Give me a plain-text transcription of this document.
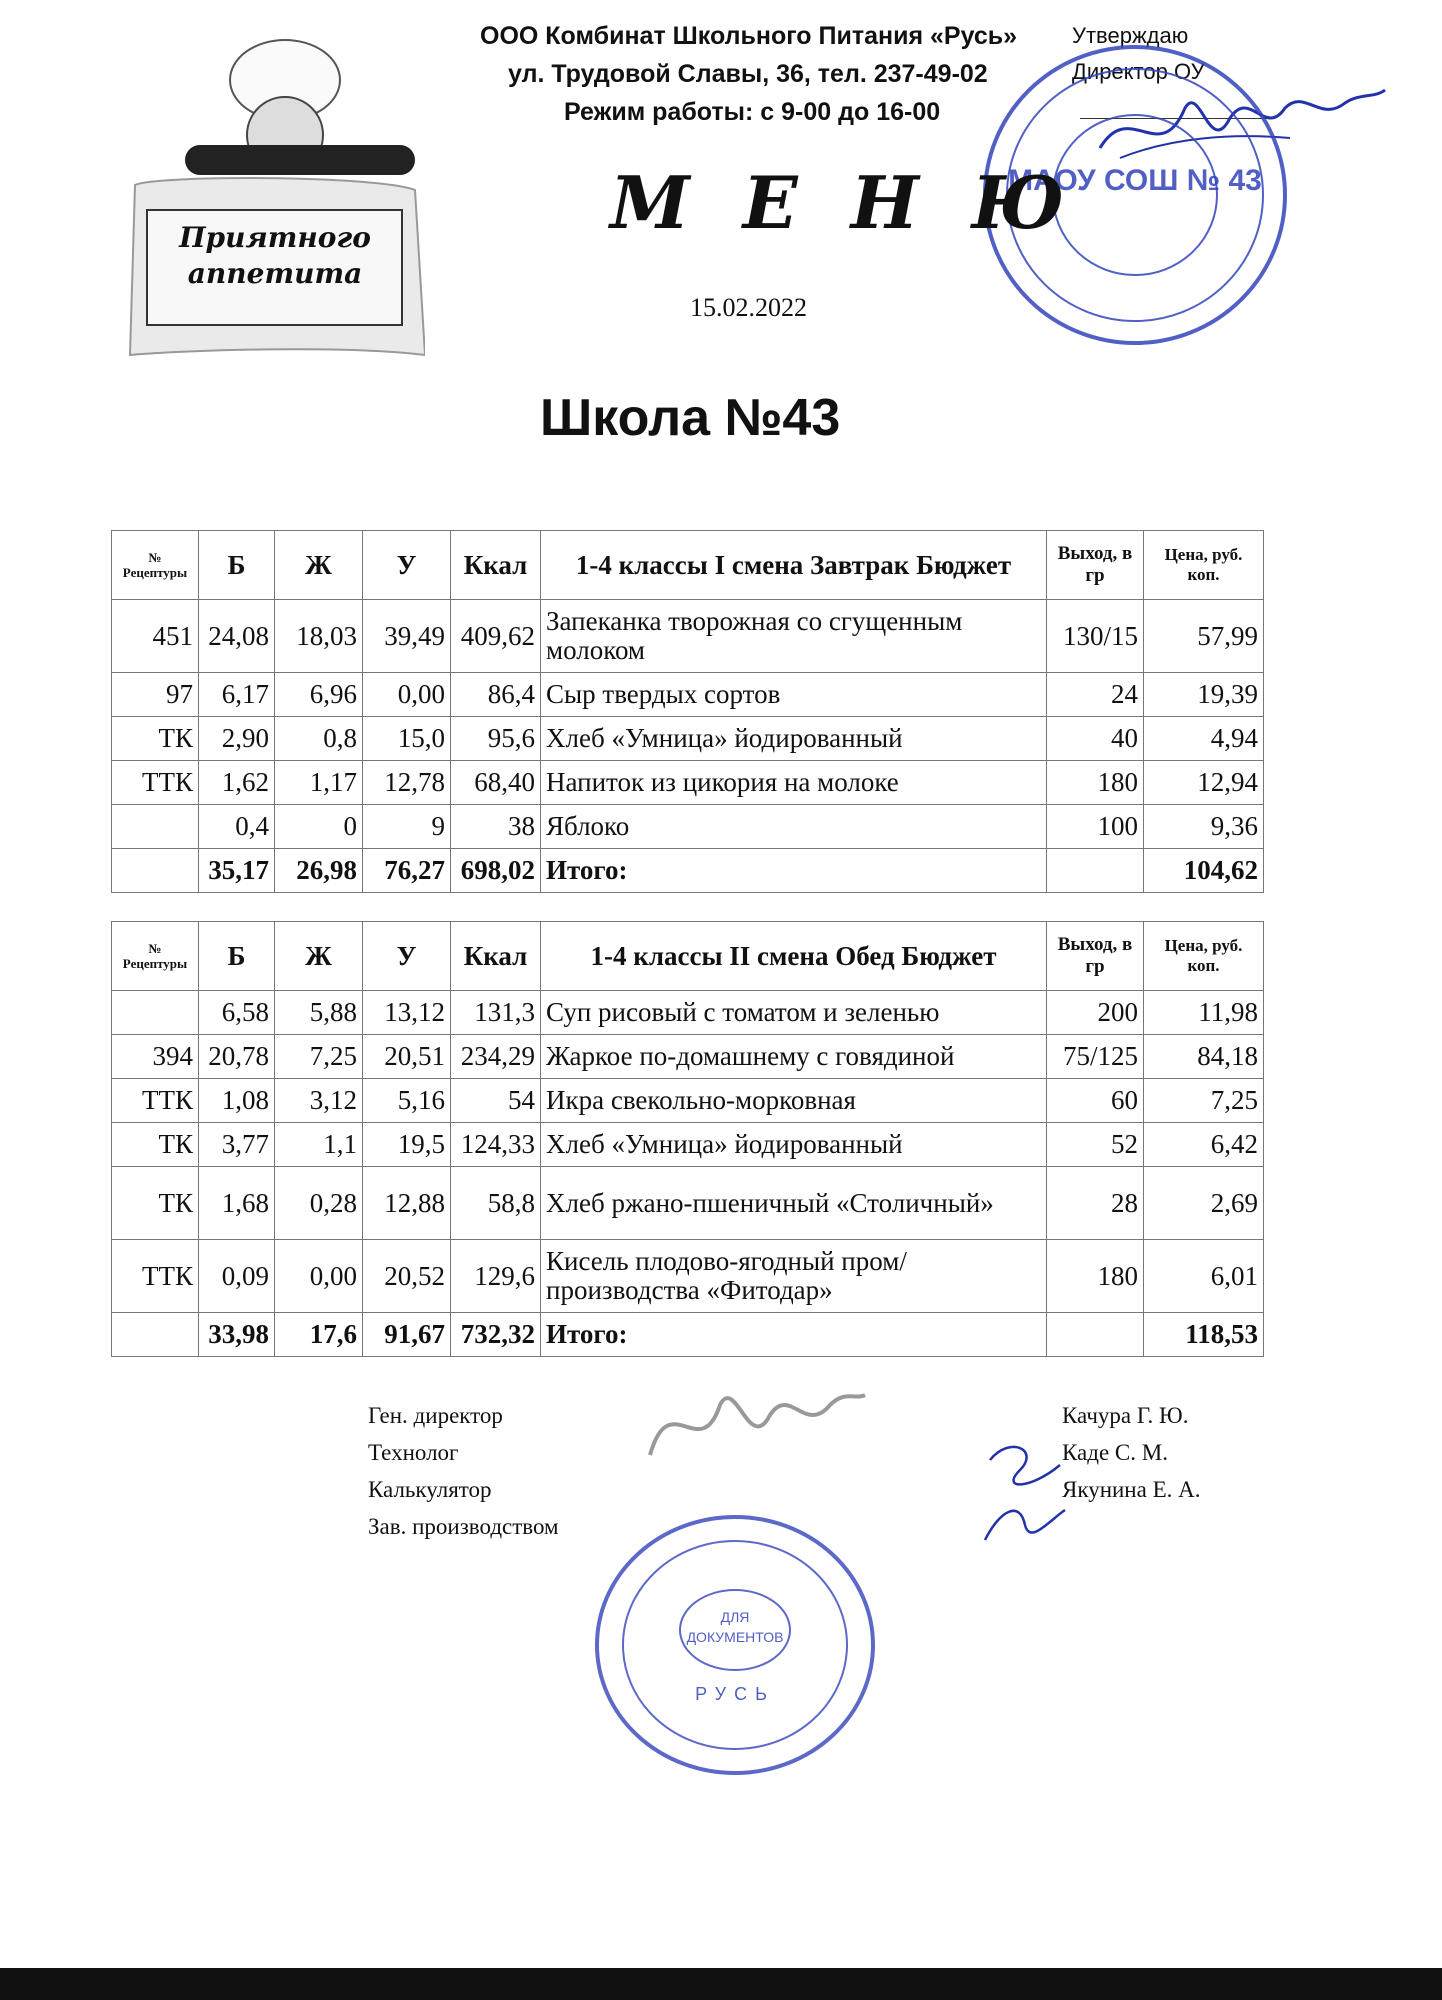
ООО Комбинат Школьного Питания «Русь»
ул. Трудовой Славы, 36, тел. 237-49-02
Режим работы: с 9-00 до 16-00
Утверждаю
Директор ОУ
МАОУ СОШ № 43
Приятного
аппетита
М Е Н Ю
15.02.2022
Школа №43
№ Рецептуры	Б	Ж	У	Ккал	1-4 классы I смена Завтрак Бюджет	Выход, в гр	Цена, руб. коп.
451	24,08	18,03	39,49	409,62	Запеканка творожная со сгущенным молоком	130/15	57,99
97	6,17	6,96	0,00	86,4	Сыр твердых сортов	24	19,39
ТК	2,90	0,8	15,0	95,6	Хлеб «Умница» йодированный	40	4,94
ТТК	1,62	1,17	12,78	68,40	Напиток из цикория на молоке	180	12,94
	0,4	0	9	38	Яблоко	100	9,36
	35,17	26,98	76,27	698,02	Итого:		104,62
№ Рецептуры	Б	Ж	У	Ккал	1-4 классы II смена Обед Бюджет	Выход, в гр	Цена, руб. коп.
	6,58	5,88	13,12	131,3	Суп рисовый с томатом и зеленью	200	11,98
394	20,78	7,25	20,51	234,29	Жаркое по-домашнему с говядиной	75/125	84,18
ТТК	1,08	3,12	5,16	54	Икра свекольно-морковная	60	7,25
ТК	3,77	1,1	19,5	124,33	Хлеб «Умница» йодированный	52	6,42
ТК	1,68	0,28	12,88	58,8	Хлеб ржано-пшеничный «Столичный»	28	2,69
ТТК	0,09	0,00	20,52	129,6	Кисель плодово-ягодный пром/производства «Фитодар»	180	6,01
	33,98	17,6	91,67	732,32	Итого:		118,53
Ген. директор
Технолог
Калькулятор
Зав. производством
Качура Г. Ю.
Каде С. М.
Якунина Е. А.
ДЛЯ
ДОКУМЕНТОВ
РУСЬ
